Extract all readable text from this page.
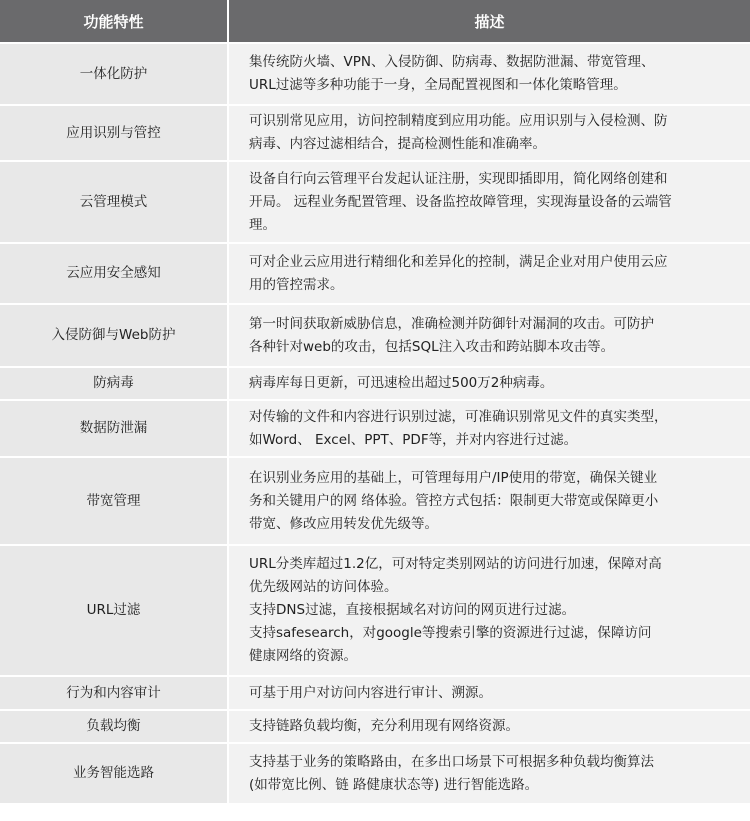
功能特性	描述
一体化防护	集传统防火墙、VPN、入侵防御、防病毒、数据防泄漏、带宽管理、
URL过滤等多种功能于一身，全局配置视图和一体化策略管理。

应用识别与管控	可识别常见应用，访问控制精度到应用功能。应用识别与入侵检测、防
病毒、内容过滤相结合，提高检测性能和准确率。

云管理模式	设备自行向云管理平台发起认证注册，实现即插即用，简化网络创建和
开局。 远程业务配置管理、设备监控故障管理，实现海量设备的云端管
理。

云应用安全感知	可对企业云应用进行精细化和差异化的控制，满足企业对用户使用云应
用的管控需求。

入侵防御与Web防护	第一时间获取新威胁信息，准确检测并防御针对漏洞的攻击。可防护
各种针对web的攻击，包括SQL注入攻击和跨站脚本攻击等。

防病毒	病毒库每日更新，可迅速检出超过500万2种病毒。

数据防泄漏	对传输的文件和内容进行识别过滤，可准确识别常见文件的真实类型，
如Word、 Excel、PPT、PDF等，并对内容进行过滤。

带宽管理	在识别业务应用的基础上，可管理每用户/IP使用的带宽，确保关键业
务和关键用户的网 络体验。管控方式包括：限制更大带宽或保障更小
带宽、修改应用转发优先级等。

URL过滤	URL分类库超过1.2亿，可对特定类别网站的访问进行加速，保障对高
优先级网站的访问体验。
支持DNS过滤，直接根据域名对访问的网页进行过滤。
支持safesearch，对google等搜索引擎的资源进行过滤，保障访问
健康网络的资源。

行为和内容审计	可基于用户对访问内容进行审计、溯源。

负载均衡	支持链路负载均衡，充分利用现有网络资源。

业务智能选路	支持基于业务的策略路由，在多出口场景下可根据多种负载均衡算法
(如带宽比例、链 路健康状态等) 进行智能选路。
